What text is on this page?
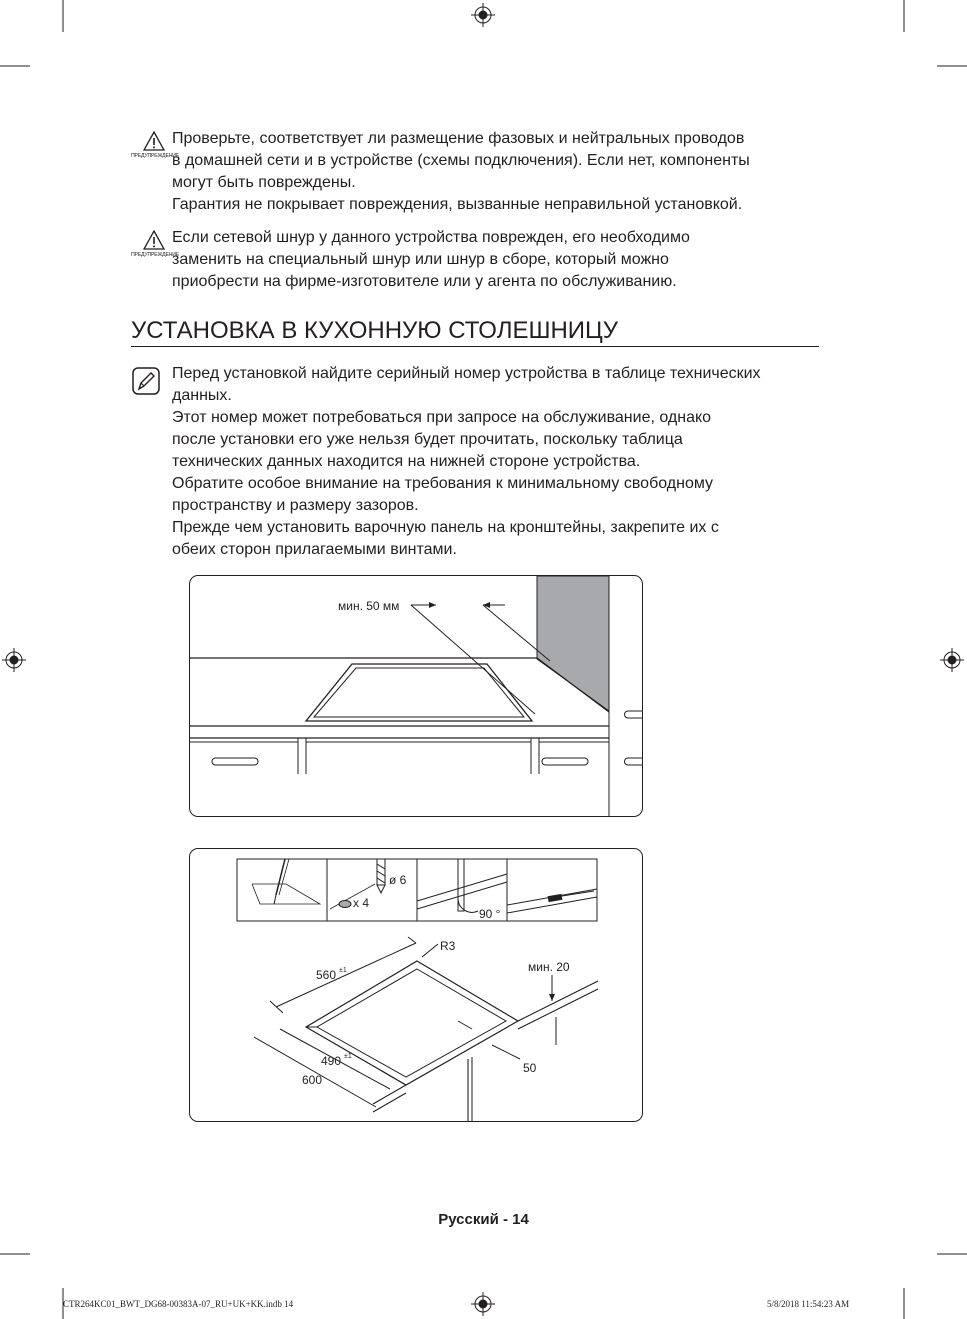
ПРЕДУПРЕЖДЕНИЕ

Проверьте, соответствует ли размещение фазовых и нейтральных проводов

в домашней сети и в устройстве (схемы подключения). Если нет, компоненты

могут быть повреждены.

Гарантия не покрывает повреждения, вызванные неправильной установкой.

ПРЕДУПРЕЖДЕНИЕ

Если сетевой шнур у данного устройства поврежден, его необходимо

заменить на специальный шнур или шнур в сборе, который можно

приобрести на фирме-изготовителе или у агента по обслуживанию.

УСТАНОВКА В КУХОННУЮ СТОЛЕШНИЦУ

Перед установкой найдите серийный номер устройства в таблице технических

данных.

Этот номер может потребоваться при запросе на обслуживание, однако

после установки его уже нельзя будет прочитать, поскольку таблица

технических данных находится на нижней стороне устройства.

Обратите особое внимание на требования к минимальному свободному

пространству и размеру зазоров.

Прежде чем установить варочную панель на кронштейны, закрепите их с

обеих сторон прилагаемыми винтами.

мин. 50 мм
ø 6
x 4
90 °
560 ±1
R3
490 ±1
600
50
мин. 20
Русский - 14
CTR264KC01_BWT_DG68-00383A-07_RU+UK+KK.indb 14	5/8/2018 11:54:23 AM
